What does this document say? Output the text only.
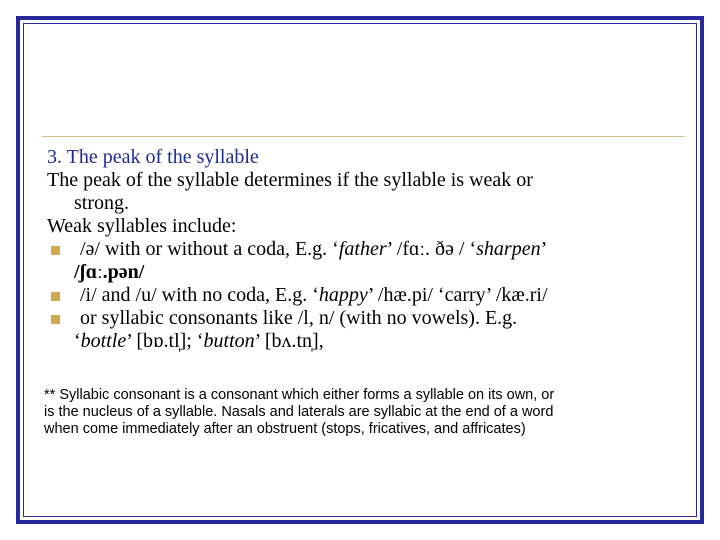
3. The peak of the syllable
The peak of the syllable determines if the syllable is weak or
strong.
Weak syllables include:
/ə/ with or without a coda, E.g. ‘father’ /fɑː. ðə / ‘sharpen’
/ʃɑː.pən/
/i/ and /u/ with no coda, E.g. ‘happy’ /hæ.pi/ ‘carry’ /kæ.ri/
or syllabic consonants like /l, n/ (with no vowels). E.g.
‘bottle’ [bɒ.tl̩]; ‘button’ [bʌ.tn̩],
** Syllabic consonant is a consonant which either forms a syllable on its own, or
is the nucleus of a syllable. Nasals and laterals are syllabic at the end of a word
when come immediately after an obstruent (stops, fricatives, and affricates)
